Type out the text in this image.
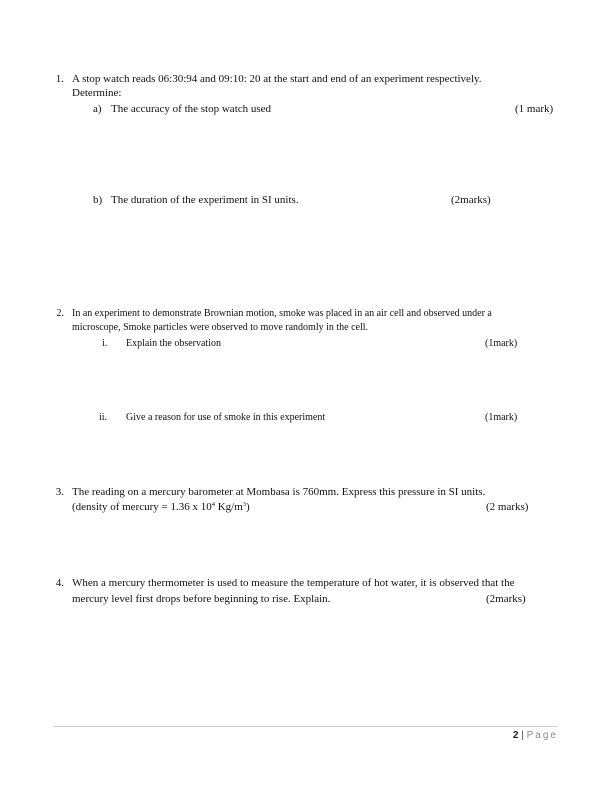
1. A stop watch reads 06:30:94 and 09:10: 20 at the start and end of an experiment respectively.
Determine:
a) The accuracy of the stop watch used	(1 mark)
b) The duration of the experiment in SI units.	(2marks)
2. In an experiment to demonstrate Brownian motion, smoke was placed in an air cell and observed under a
microscope, Smoke particles were observed to move randomly in the cell.
i. Explain the observation	(1mark)
ii. Give a reason for use of smoke in this experiment	(1mark)
3. The reading on a mercury barometer at Mombasa is 760mm. Express this pressure in SI units.
(density of mercury = 1.36 x $10^4$ $Kg/m^3$)	(2 marks)
4. When a mercury thermometer is used to measure the temperature of hot water, it is observed that the
mercury level first drops before beginning to rise. Explain.	(2marks)
2 | Page
